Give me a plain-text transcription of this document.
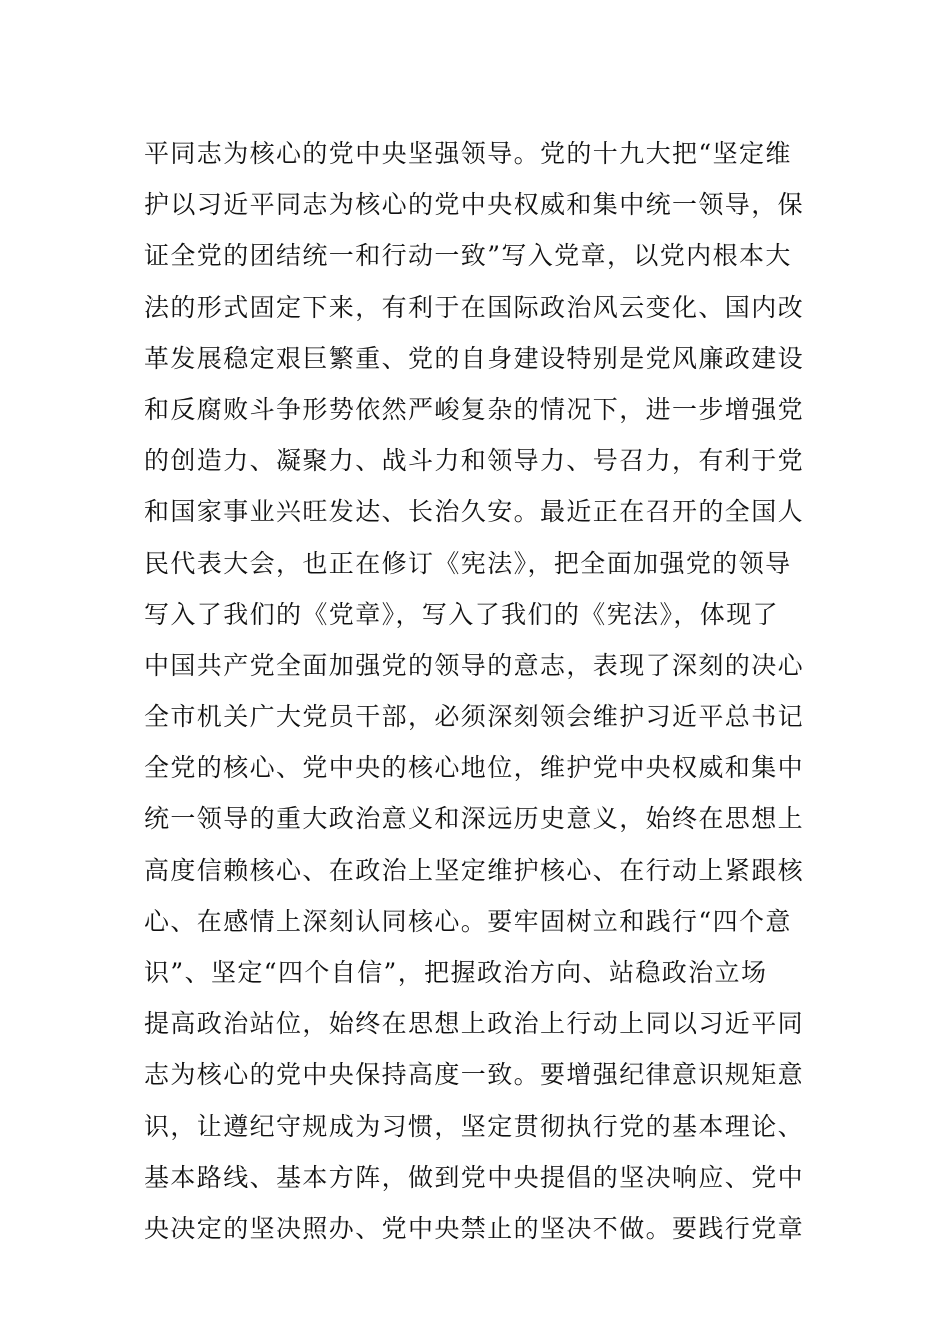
平同志为核心的党中央坚强领导。党的十九大把“坚定维
护以习近平同志为核心的党中央权威和集中统一领导，保
证全党的团结统一和行动一致”写入党章，以党内根本大
法的形式固定下来，有利于在国际政治风云变化、国内改
革发展稳定艰巨繁重、党的自身建设特别是党风廉政建设
和反腐败斗争形势依然严峻复杂的情况下，进一步增强党
的创造力、凝聚力、战斗力和领导力、号召力，有利于党
和国家事业兴旺发达、长治久安。最近正在召开的全国人
民代表大会，也正在修订《宪法》，把全面加强党的领导
写入了我们的《党章》，写入了我们的《宪法》，体现了
中国共产党全面加强党的领导的意志，表现了深刻的决心
全市机关广大党员干部，必须深刻领会维护习近平总书记
全党的核心、党中央的核心地位，维护党中央权威和集中
统一领导的重大政治意义和深远历史意义，始终在思想上
高度信赖核心、在政治上坚定维护核心、在行动上紧跟核
心、在感情上深刻认同核心。要牢固树立和践行“四个意
识”、坚定“四个自信”，把握政治方向、站稳政治立场
提高政治站位，始终在思想上政治上行动上同以习近平同
志为核心的党中央保持高度一致。要增强纪律意识规矩意
识，让遵纪守规成为习惯，坚定贯彻执行党的基本理论、
基本路线、基本方阵，做到党中央提倡的坚决响应、党中
央决定的坚决照办、党中央禁止的坚决不做。要践行党章
